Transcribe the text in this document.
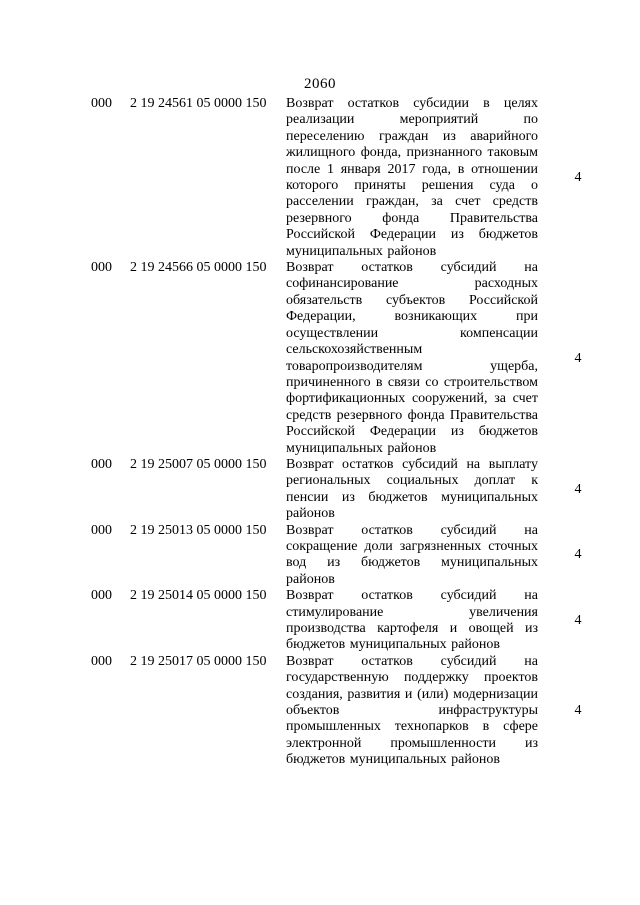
2060
000 2 19 24561 05 0000 150 Возврат остатков субсидии в целях реализации мероприятий по переселению граждан из аварийного жилищного фонда, признанного таковым после 1 января 2017 года, в отношении которого приняты решения суда о расселении граждан, за счет средств резервного фонда Правительства Российской Федерации из бюджетов муниципальных районов
4
000 2 19 24566 05 0000 150 Возврат остатков субсидий на софинансирование расходных обязательств субъектов Российской Федерации, возникающих при осуществлении компенсации сельскохозяйственным товаропроизводителям ущерба, причиненного в связи со строительством фортификационных сооружений, за счет средств резервного фонда Правительства Российской Федерации из бюджетов муниципальных районов
4
000 2 19 25007 05 0000 150 Возврат остатков субсидий на выплату региональных социальных доплат к пенсии из бюджетов муниципальных районов
4
000 2 19 25013 05 0000 150 Возврат остатков субсидий на сокращение доли загрязненных сточных вод из бюджетов муниципальных районов
4
000 2 19 25014 05 0000 150 Возврат остатков субсидий на стимулирование увеличения производства картофеля и овощей из бюджетов муниципальных районов
4
000 2 19 25017 05 0000 150 Возврат остатков субсидий на государственную поддержку проектов создания, развития и (или) модернизации объектов инфраструктуры промышленных технопарков в сфере электронной промышленности из бюджетов муниципальных районов
4
